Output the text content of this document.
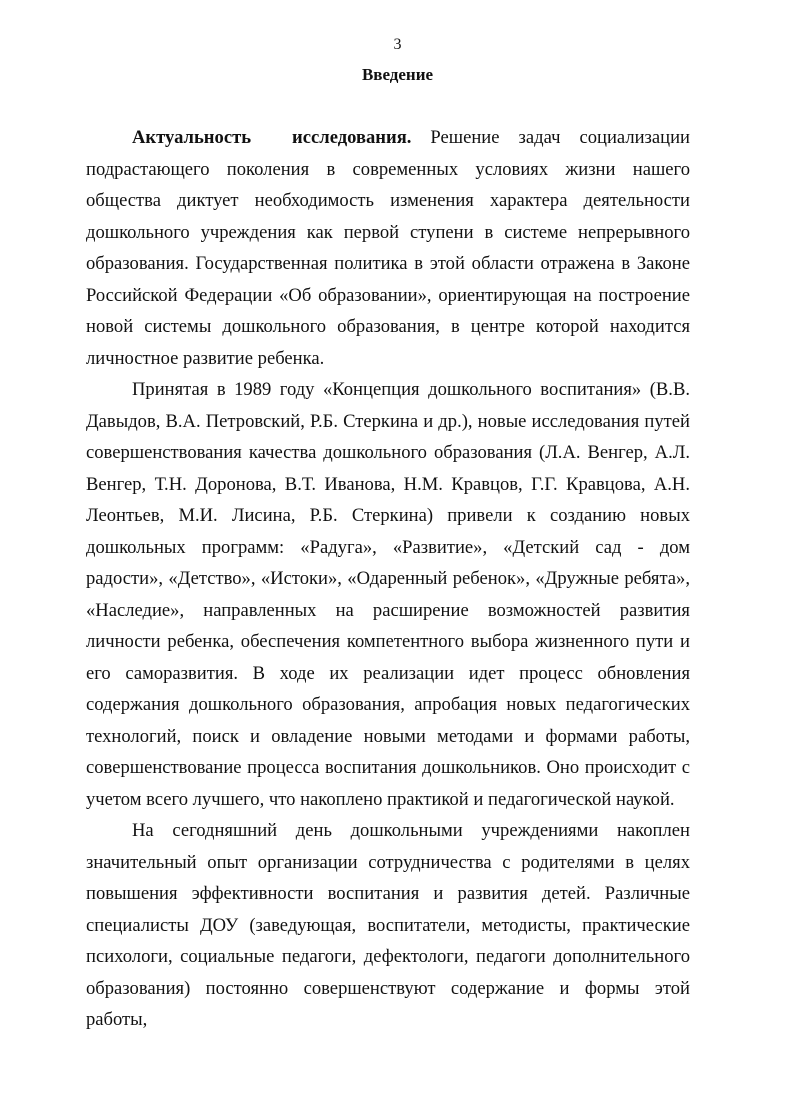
3
Введение

Актуальность исследования. Решение задач социализации подрастающего поколения в современных условиях жизни нашего общества диктует необходимость изменения характера деятельности дошкольного учреждения как первой ступени в системе непрерывного образования. Государственная политика в этой области отражена в Законе Российской Федерации «Об образовании», ориентирующая на построение новой системы дошкольного образования, в центре которой находится личностное развитие ребенка.

Принятая в 1989 году «Концепция дошкольного воспитания» (В.В. Давыдов, В.А. Петровский, Р.Б. Стеркина и др.), новые исследования путей совершенствования качества дошкольного образования (Л.А. Венгер, А.Л. Венгер, Т.Н. Доронова, В.Т. Иванова, Н.М. Кравцов, Г.Г. Кравцова, А.Н. Леонтьев, М.И. Лисина, Р.Б. Стеркина) привели к созданию новых дошкольных программ: «Радуга», «Развитие», «Детский сад - дом радости», «Детство», «Истоки», «Одаренный ребенок», «Дружные ребята», «Наследие», направленных на расширение возможностей развития личности ребенка, обеспечения компетентного выбора жизненного пути и его саморазвития. В ходе их реализации идет процесс обновления содержания дошкольного образования, апробация новых педагогических технологий, поиск и овладение новыми методами и формами работы, совершенствование процесса воспитания дошкольников. Оно происходит с учетом всего лучшего, что накоплено практикой и педагогической наукой.

На сегодняшний день дошкольными учреждениями накоплен значительный опыт организации сотрудничества с родителями в целях повышения эффективности воспитания и развития детей. Различные специалисты ДОУ (заведующая, воспитатели, методисты, практические психологи, социальные педагоги, дефектологи, педагоги дополнительного образования) постоянно совершенствуют содержание и формы этой работы,
